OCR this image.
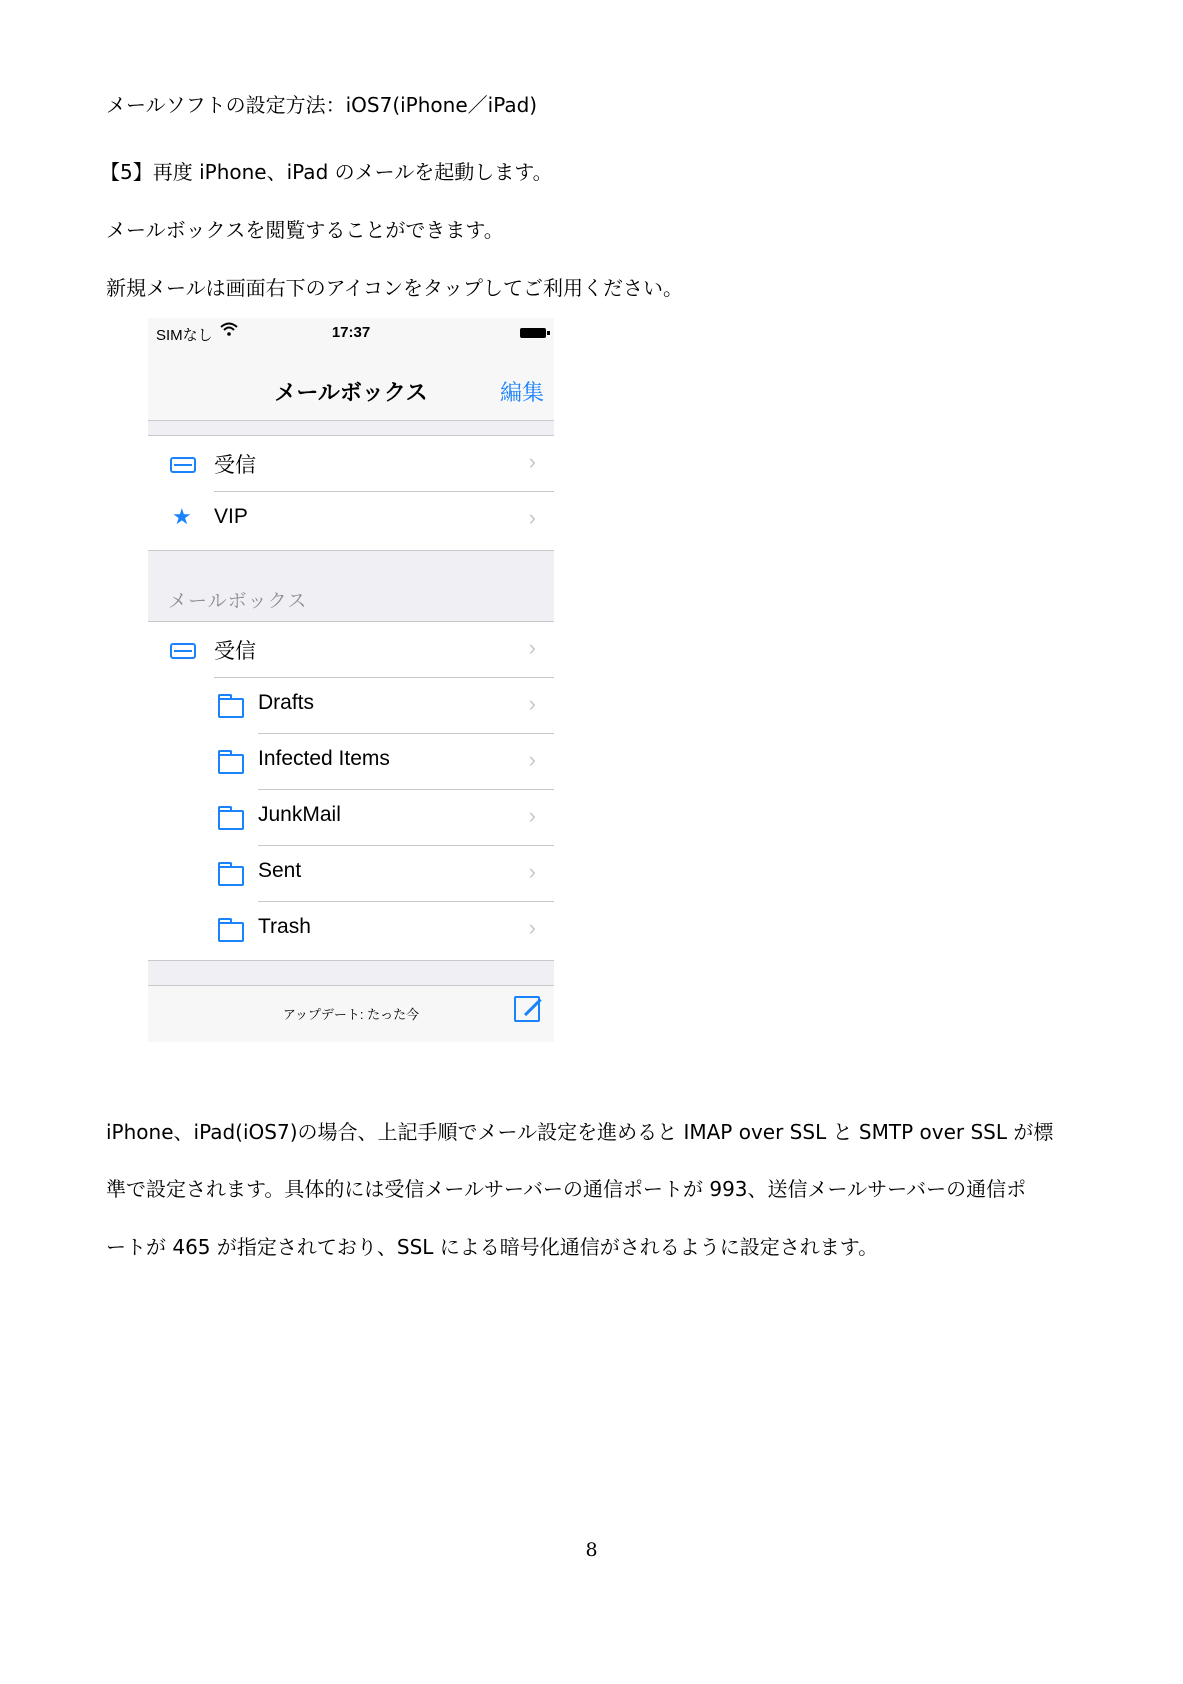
メールソフトの設定方法：iOS7(iPhone／iPad)
【5】再度 iPhone、iPad のメールを起動します。
メールボックスを閲覧することができます。
新規メールは画面右下のアイコンをタップしてご利用ください。
SIMなし	17:37
メールボックス	編集
受信	›
★ VIP	›
メールボックス
受信	›
Drafts	›
Infected Items	›
JunkMail	›
Sent	›
Trash	›
アップデート: たった今
iPhone、iPad(iOS7)の場合、上記手順でメール設定を進めると IMAP over SSL と SMTP over SSL が標
準で設定されます。具体的には受信メールサーバーの通信ポートが 993、送信メールサーバーの通信ポ
ートが 465 が指定されており、SSL による暗号化通信がされるように設定されます。
8
